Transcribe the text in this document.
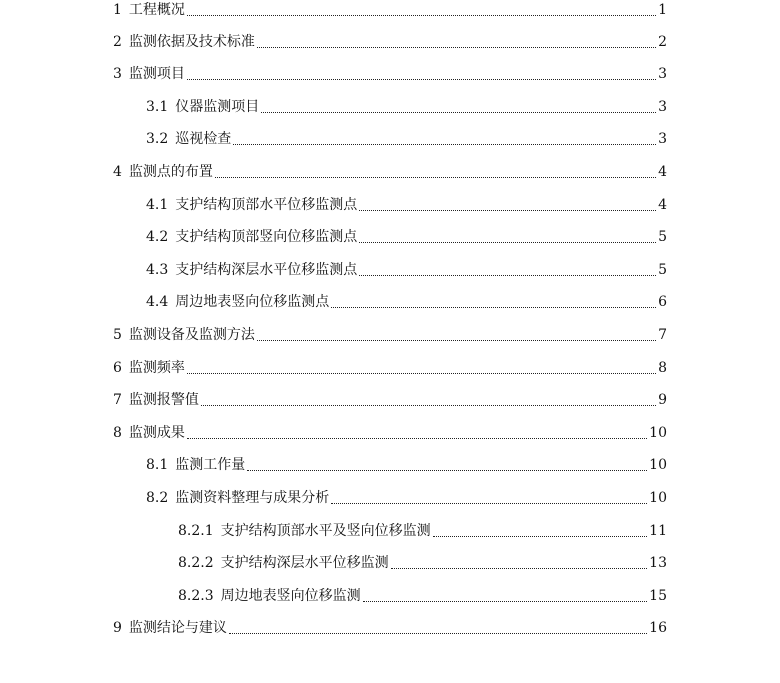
1 工程概况	1
2 监测依据及技术标准	2
3 监测项目	3
3.1 仪器监测项目	3
3.2 巡视检查	3
4 监测点的布置	4
4.1 支护结构顶部水平位移监测点	4
4.2 支护结构顶部竖向位移监测点	5
4.3 支护结构深层水平位移监测点	5
4.4 周边地表竖向位移监测点	6
5 监测设备及监测方法	7
6 监测频率	8
7 监测报警值	9
8 监测成果	10
8.1 监测工作量	10
8.2 监测资料整理与成果分析	10
8.2.1 支护结构顶部水平及竖向位移监测	11
8.2.2 支护结构深层水平位移监测	13
8.2.3 周边地表竖向位移监测	15
9 监测结论与建议	16
